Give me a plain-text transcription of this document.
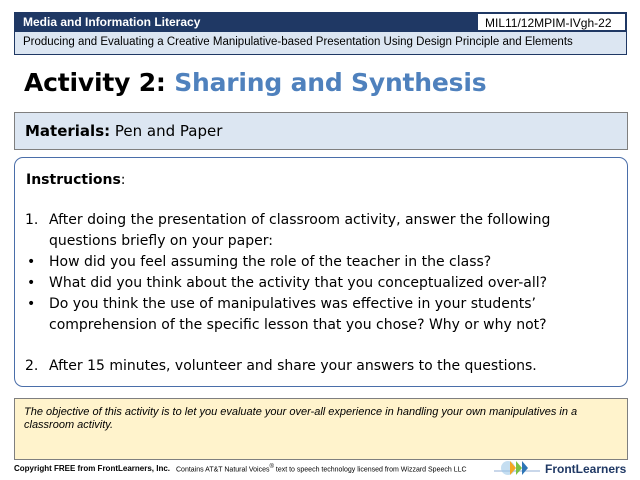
Media and Information Literacy	MIL11/12MPIM-IVgh-22
Producing and Evaluating a Creative Manipulative-based Presentation Using Design Principle and Elements
Activity 2: Sharing and Synthesis
Materials: Pen and Paper
Instructions:
1. After doing the presentation of classroom activity, answer the following
questions briefly on your paper:
• How did you feel assuming the role of the teacher in the class?
• What did you think about the activity that you conceptualized over-all?
• Do you think the use of manipulatives was effective in your students’
comprehension of the specific lesson that you chose? Why or why not?
2. After 15 minutes, volunteer and share your answers to the questions.
The objective of this activity is to let you evaluate your over-all experience in handling your own manipulatives in a classroom activity.
Copyright FREE from FrontLearners, Inc. Contains AT&T Natural Voices® text to speech technology licensed from Wizzard Speech LLC	FrontLearners
